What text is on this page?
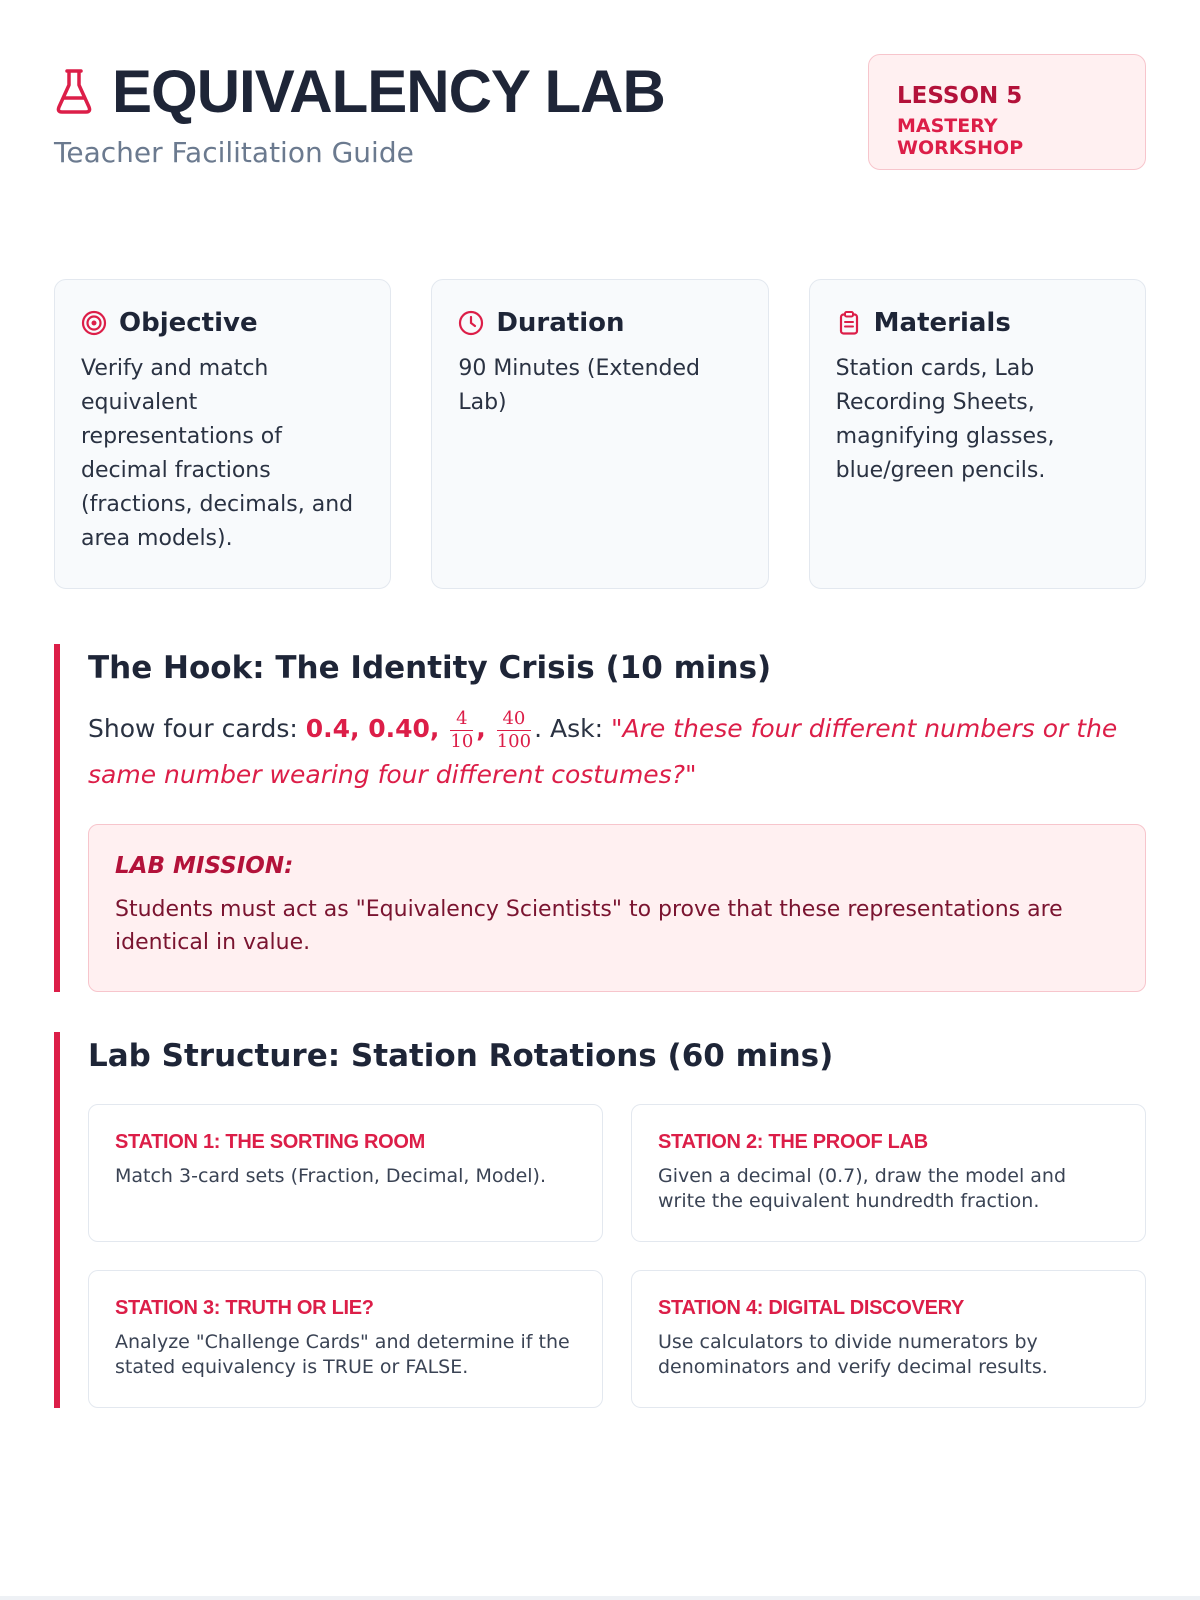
EQUIVALENCY LAB
Teacher Facilitation Guide
LESSON 5
MASTERY WORKSHOP
Objective

Verify and match equivalent representations of decimal fractions (fractions, decimals, and area models).

Duration

90 Minutes (Extended Lab)

Materials

Station cards, Lab Recording Sheets, magnifying glasses, blue/green pencils.

The Hook: The Identity Crisis (10 mins)

Show four cards: 0.4, 0.40, $\frac{4}{10}$ , $\frac{40}{100}$ . Ask: "Are these four different numbers or the same number wearing four different costumes?"

LAB MISSION:

Students must act as "Equivalency Scientists" to prove that these representations are identical in value.

Lab Structure: Station Rotations (60 mins)
STATION 1: THE SORTING ROOM

Match 3-card sets (Fraction, Decimal, Model).

STATION 2: THE PROOF LAB

Given a decimal (0.7), draw the model and write the equivalent hundredth fraction.

STATION 3: TRUTH OR LIE?

Analyze "Challenge Cards" and determine if the stated equivalency is TRUE or FALSE.

STATION 4: DIGITAL DISCOVERY

Use calculators to divide numerators by denominators and verify decimal results.
